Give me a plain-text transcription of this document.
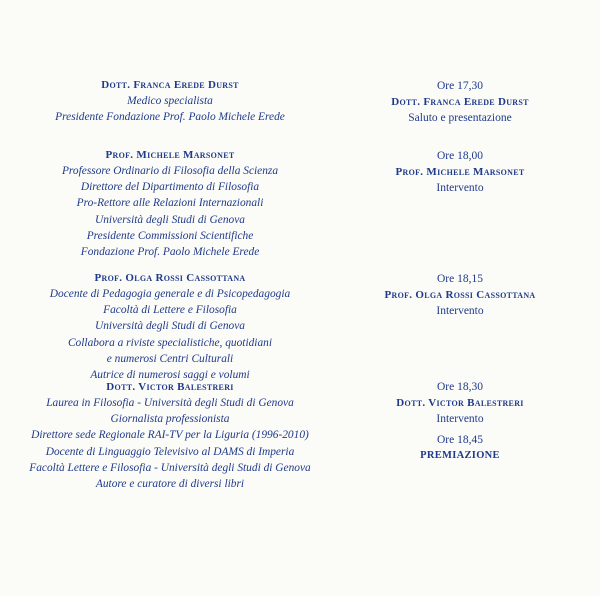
Dott. Franca Erede Durst
Medico specialista
Presidente Fondazione Prof. Paolo Michele Erede
Prof. Michele Marsonet
Professore Ordinario di Filosofia della Scienza
Direttore del Dipartimento di Filosofia
Pro-Rettore alle Relazioni Internazionali
Università degli Studi di Genova
Presidente Commissioni Scientifiche
Fondazione Prof. Paolo Michele Erede
Prof. Olga Rossi Cassottana
Docente di Pedagogia generale e di Psicopedagogia
Facoltà di Lettere e Filosofia
Università degli Studi di Genova
Collabora a riviste specialistiche, quotidiani
e numerosi Centri Culturali
Autrice di numerosi saggi e volumi
Dott. Victor Balestreri
Laurea in Filosofia - Università degli Studi di Genova
Giornalista professionista
Direttore sede Regionale RAI-TV per la Liguria (1996-2010)
Docente di Linguaggio Televisivo al DAMS di Imperia
Facoltà Lettere e Filosofia - Università degli Studi di Genova
Autore e curatore di diversi libri
Ore 17,30
Dott. Franca Erede Durst
Saluto e presentazione
Ore 18,00
Prof. Michele Marsonet
Intervento
Ore 18,15
Prof. Olga Rossi Cassottana
Intervento
Ore 18,30
Dott. Victor Balestreri
Intervento
Ore 18,45
PREMIAZIONE
